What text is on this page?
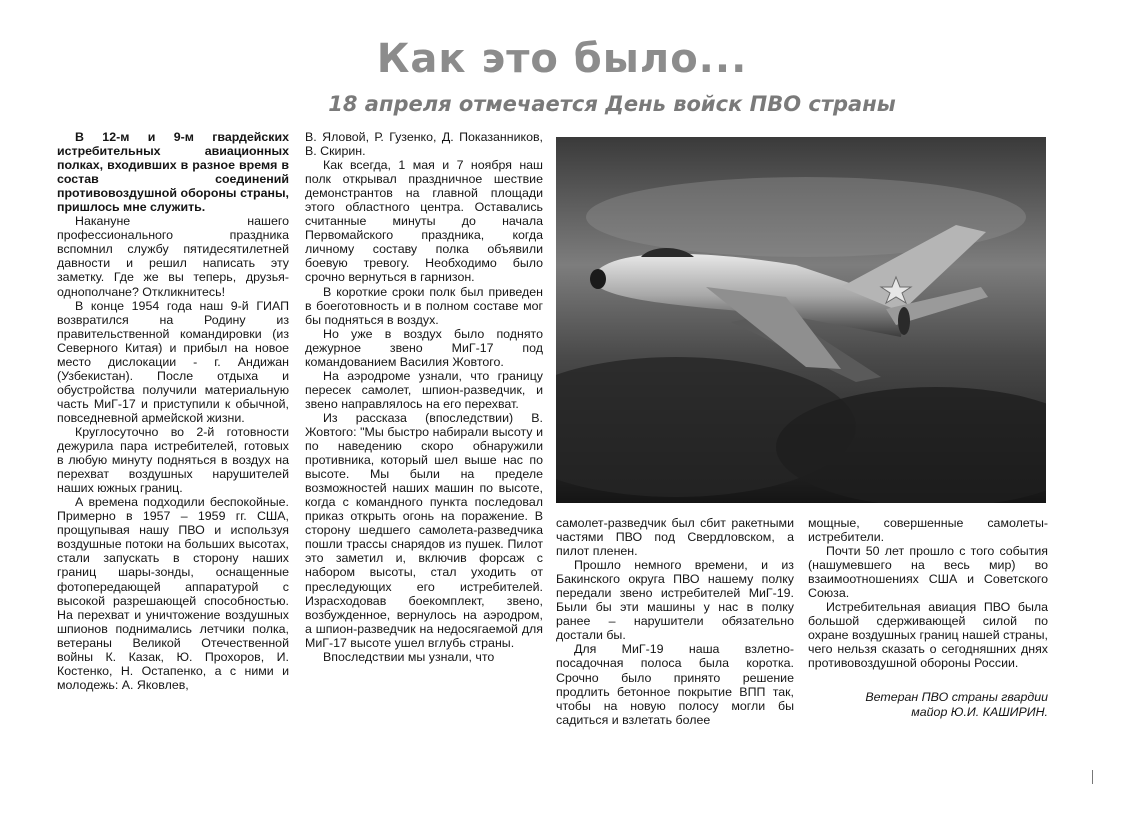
Как это было...
18 апреля отмечается День войск ПВО страны

В 12-м и 9-м гвардейских истребительных авиационных полках, входивших в разное время в состав соединений противовоздушной обороны страны, пришлось мне служить.

Накануне нашего профессионального праздника вспомнил службу пятидесятилетней давности и решил написать эту заметку. Где же вы теперь, друзья-однополчане? Откликнитесь!

В конце 1954 года наш 9-й ГИАП возвратился на Родину из правительственной командировки (из Северного Китая) и прибыл на новое место дислокации - г. Андижан (Узбекистан). После отдыха и обустройства получили материальную часть МиГ-17 и приступили к обычной, повседневной армейской жизни.

Круглосуточно во 2-й готовности дежурила пара истребителей, готовых в любую минуту подняться в воздух на перехват воздушных нарушителей наших южных границ.

А времена подходили беспокойные. Примерно в 1957 – 1959 гг. США, прощупывая нашу ПВО и используя воздушные потоки на больших высотах, стали запускать в сторону наших границ шары-зонды, оснащенные фотопередающей аппаратурой с высокой разрешающей способностью. На перехват и уничтожение воздушных шпионов поднимались летчики полка, ветераны Великой Отечественной войны К. Казак, Ю. Прохоров, И. Костенко, Н. Остапенко, а с ними и молодежь: А. Яковлев,

В. Яловой, Р. Гузенко, Д. Показанников, В. Скирин.

Как всегда, 1 мая и 7 ноября наш полк открывал праздничное шествие демонстрантов на главной площади этого областного центра. Оставались считанные минуты до начала Первомайского праздника, когда личному составу полка объявили боевую тревогу. Необходимо было срочно вернуться в гарнизон.

В короткие сроки полк был приведен в боеготовность и в полном составе мог бы подняться в воздух.

Но уже в воздух было поднято дежурное звено МиГ-17 под командованием Василия Жовтого.

На аэродроме узнали, что границу пересек самолет, шпион-разведчик, и звено направлялось на его перехват.

Из рассказа (впоследствии) В. Жовтого: "Мы быстро набирали высоту и по наведению скоро обнаружили противника, который шел выше нас по высоте. Мы были на пределе возможностей наших машин по высоте, когда с командного пункта последовал приказ открыть огонь на поражение. В сторону шедшего самолета-разведчика пошли трассы снарядов из пушек. Пилот это заметил и, включив форсаж с набором высоты, стал уходить от преследующих его истребителей. Израсходовав боекомплект, звено, возбужденное, вернулось на аэродром, а шпион-разведчик на недосягаемой для МиГ-17 высоте ушел вглубь страны.

Впоследствии мы узнали, что

самолет-разведчик был сбит ракетными частями ПВО под Свердловском, а пилот пленен.

Прошло немного времени, и из Бакинского округа ПВО нашему полку передали звено истребителей МиГ-19. Были бы эти машины у нас в полку ранее – нарушители обязательно достали бы.

Для МиГ-19 наша взлетно-посадочная полоса была коротка. Срочно было принято решение продлить бетонное покрытие ВПП так, чтобы на новую полосу могли бы садиться и взлетать более

мощные, совершенные самолеты-истребители.

Почти 50 лет прошло с того события (нашумевшего на весь мир) во взаимоотношениях США и Советского Союза.

Истребительная авиация ПВО была большой сдерживающей силой по охране воздушных границ нашей страны, чего нельзя сказать о сегодняшних днях противовоздушной обороны России.

Ветеран ПВО страны гвардии
майор Ю.И. КАШИРИН.
